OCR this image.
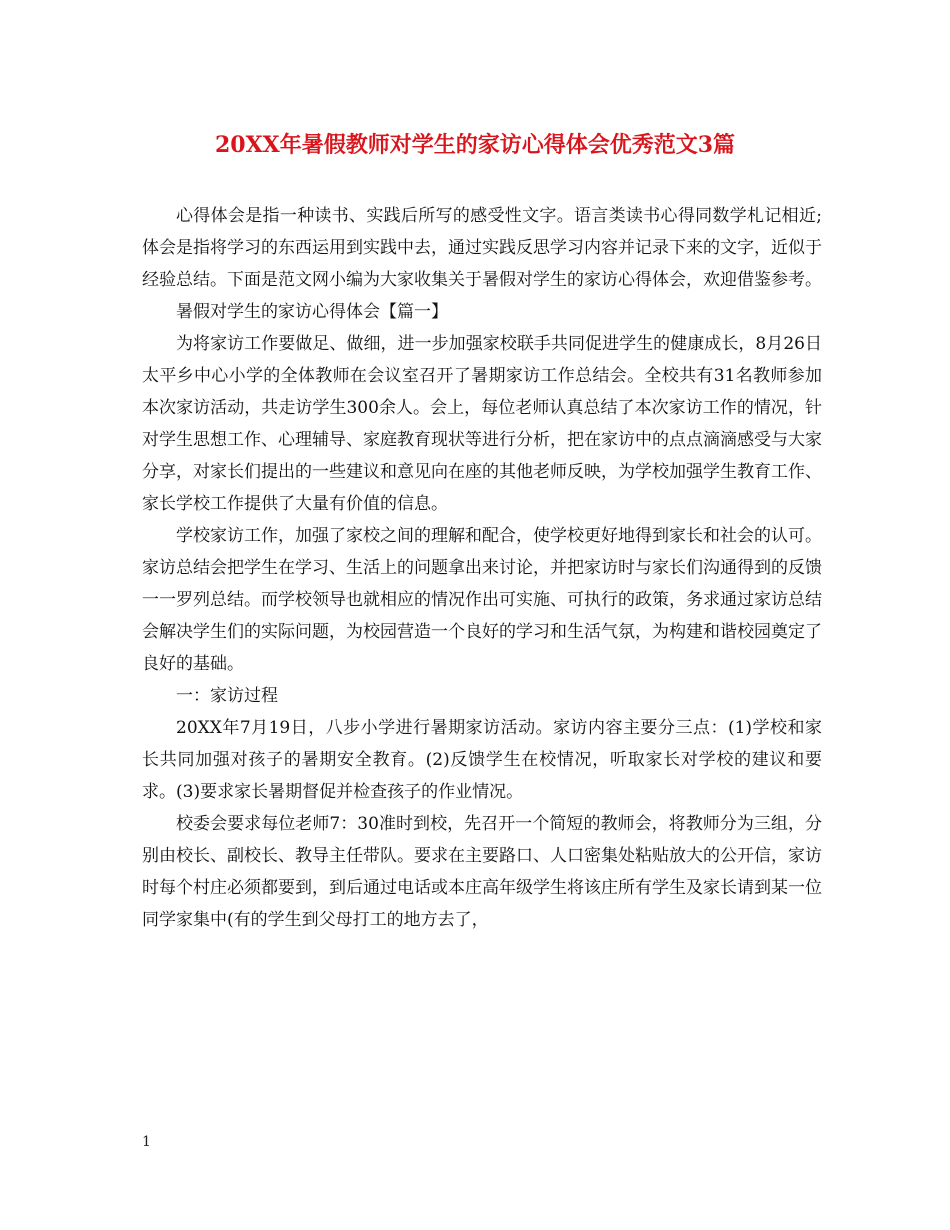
20XX年暑假教师对学生的家访心得体会优秀范文3篇

心得体会是指一种读书、实践后所写的感受性文字。语言类读书心得同数学札记相近;体会是指将学习的东西运用到实践中去，通过实践反思学习内容并记录下来的文字，近似于经验总结。下面是范文网小编为大家收集关于暑假对学生的家访心得体会，欢迎借鉴参考。

暑假对学生的家访心得体会【篇一】

为将家访工作要做足、做细，进一步加强家校联手共同促进学生的健康成长，8月26日太平乡中心小学的全体教师在会议室召开了暑期家访工作总结会。全校共有31名教师参加本次家访活动，共走访学生300余人。会上，每位老师认真总结了本次家访工作的情况，针对学生思想工作、心理辅导、家庭教育现状等进行分析，把在家访中的点点滴滴感受与大家分享，对家长们提出的一些建议和意见向在座的其他老师反映，为学校加强学生教育工作、家长学校工作提供了大量有价值的信息。

学校家访工作，加强了家校之间的理解和配合，使学校更好地得到家长和社会的认可。家访总结会把学生在学习、生活上的问题拿出来讨论，并把家访时与家长们沟通得到的反馈一一罗列总结。而学校领导也就相应的情况作出可实施、可执行的政策，务求通过家访总结会解决学生们的实际问题，为校园营造一个良好的学习和生活气氛，为构建和谐校园奠定了良好的基础。

一：家访过程

20XX年7月19日，八步小学进行暑期家访活动。家访内容主要分三点：(1)学校和家长共同加强对孩子的暑期安全教育。(2)反馈学生在校情况，听取家长对学校的建议和要求。(3)要求家长暑期督促并检查孩子的作业情况。

校委会要求每位老师7：30准时到校，先召开一个简短的教师会，将教师分为三组，分别由校长、副校长、教导主任带队。要求在主要路口、人口密集处粘贴放大的公开信，家访时每个村庄必须都要到，到后通过电话或本庄高年级学生将该庄所有学生及家长请到某一位同学家集中(有的学生到父母打工的地方去了，

1
